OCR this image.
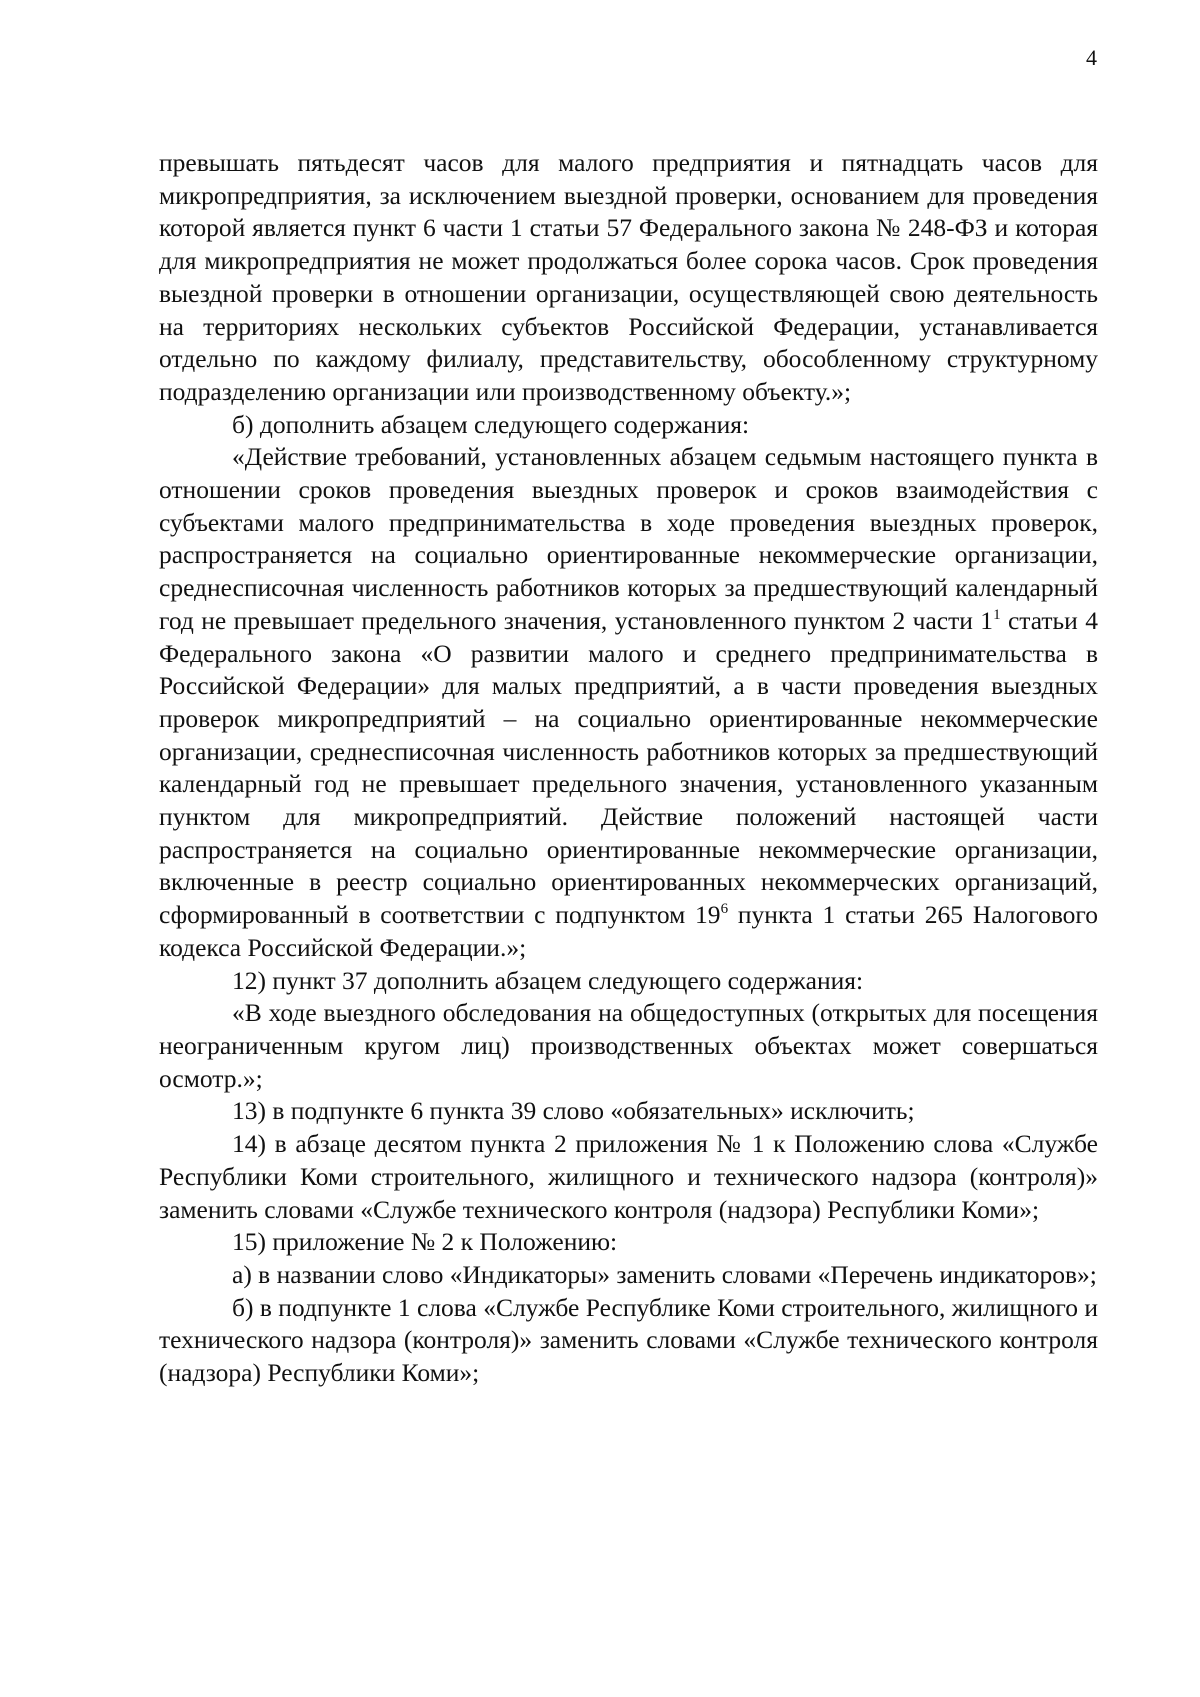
4

превышать пятьдесят часов для малого предприятия и пятнадцать часов для микропредприятия, за исключением выездной проверки, основанием для проведения которой является пункт 6 части 1 статьи 57 Федерального закона № 248-ФЗ и которая для микропредприятия не может продолжаться более сорока часов. Срок проведения выездной проверки в отношении организации, осуществляющей свою деятельность на территориях нескольких субъектов Российской Федерации, устанавливается отдельно по каждому филиалу, представительству, обособленному структурному подразделению организации или производственному объекту.»;

б) дополнить абзацем следующего содержания:

«Действие требований, установленных абзацем седьмым настоящего пункта в отношении сроков проведения выездных проверок и сроков взаимодействия с субъектами малого предпринимательства в ходе проведения выездных проверок, распространяется на социально ориентированные некоммерческие организации, среднесписочная численность работников которых за предшествующий календарный год не превышает предельного значения, установленного пунктом 2 части $1^1$ статьи 4 Федерального закона «О развитии малого и среднего предпринимательства в Российской Федерации» для малых предприятий, а в части проведения выездных проверок микропредприятий – на социально ориентированные некоммерческие организации, среднесписочная численность работников которых за предшествующий календарный год не превышает предельного значения, установленного указанным пунктом для микропредприятий. Действие положений настоящей части распространяется на социально ориентированные некоммерческие организации, включенные в реестр социально ориентированных некоммерческих организаций, сформированный в соответствии с подпунктом $19^6$ пункта 1 статьи 265 Налогового кодекса Российской Федерации.»;

12) пункт 37 дополнить абзацем следующего содержания:

«В ходе выездного обследования на общедоступных (открытых для посещения неограниченным кругом лиц) производственных объектах может совершаться осмотр.»;

13) в подпункте 6 пункта 39 слово «обязательных» исключить;

14) в абзаце десятом пункта 2 приложения № 1 к Положению слова «Службе Республики Коми строительного, жилищного и технического надзора (контроля)» заменить словами «Службе технического контроля (надзора) Республики Коми»;

15) приложение № 2 к Положению:

а) в названии слово «Индикаторы» заменить словами «Перечень индикаторов»;

б) в подпункте 1 слова «Службе Республике Коми строительного, жилищного и технического надзора (контроля)» заменить словами «Службе технического контроля (надзора) Республики Коми»;
